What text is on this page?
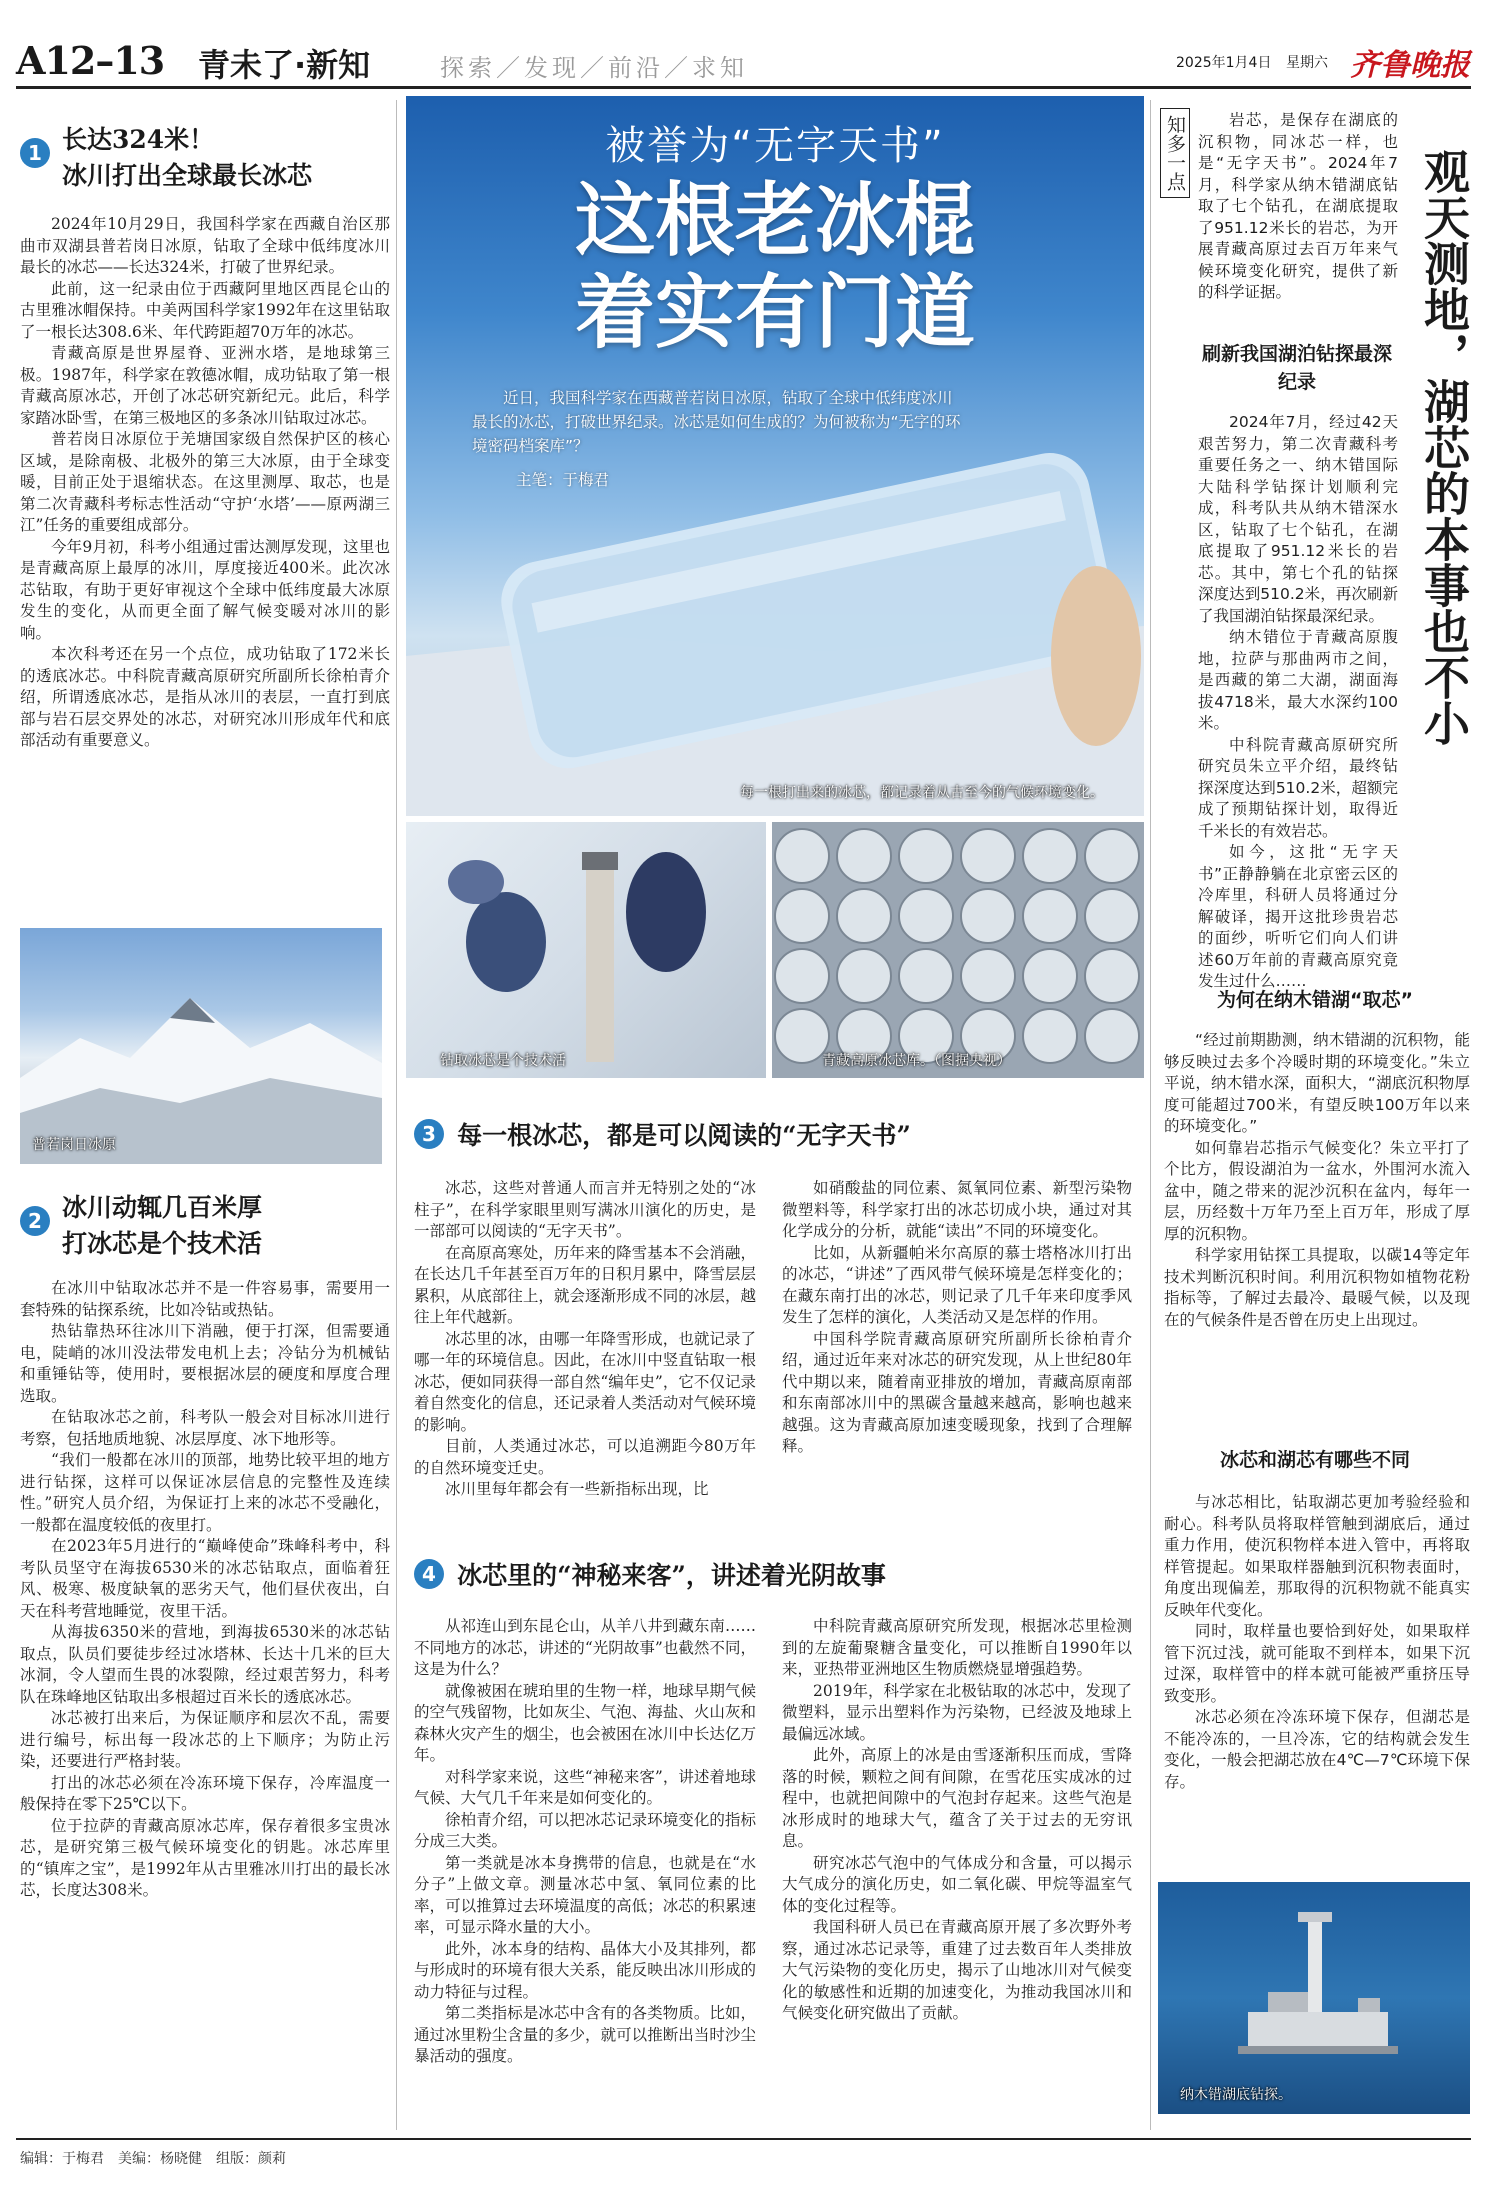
A12–13 青未了·新知	探索／发现／前沿／求知	2025年1月4日 星期六 齐鲁晚报
1 长达324米！
冰川打出全球最长冰芯

2024年10月29日，我国科学家在西藏自治区那曲市双湖县普若岗日冰原，钻取了全球中低纬度冰川最长的冰芯——长达324米，打破了世界纪录。

此前，这一纪录由位于西藏阿里地区西昆仑山的古里雅冰帽保持。中美两国科学家1992年在这里钻取了一根长达308.6米、年代跨距超70万年的冰芯。

青藏高原是世界屋脊、亚洲水塔，是地球第三极。1987年，科学家在敦德冰帽，成功钻取了第一根青藏高原冰芯，开创了冰芯研究新纪元。此后，科学家踏冰卧雪，在第三极地区的多条冰川钻取过冰芯。

普若岗日冰原位于羌塘国家级自然保护区的核心区域，是除南极、北极外的第三大冰原，由于全球变暖，目前正处于退缩状态。在这里测厚、取芯，也是第二次青藏科考标志性活动“守护‘水塔’——原两湖三江”任务的重要组成部分。

今年9月初，科考小组通过雷达测厚发现，这里也是青藏高原上最厚的冰川，厚度接近400米。此次冰芯钻取，有助于更好审视这个全球中低纬度最大冰原发生的变化，从而更全面了解气候变暖对冰川的影响。

本次科考还在另一个点位，成功钻取了172米长的透底冰芯。中科院青藏高原研究所副所长徐柏青介绍，所谓透底冰芯，是指从冰川的表层，一直打到底部与岩石层交界处的冰芯，对研究冰川形成年代和底部活动有重要意义。

普若岗日冰原
2 冰川动辄几百米厚
打冰芯是个技术活

在冰川中钻取冰芯并不是一件容易事，需要用一套特殊的钻探系统，比如冷钻或热钻。

热钻靠热环往冰川下消融，便于打深，但需要通电，陡峭的冰川没法带发电机上去；冷钻分为机械钻和重锤钻等，使用时，要根据冰层的硬度和厚度合理选取。

在钻取冰芯之前，科考队一般会对目标冰川进行考察，包括地质地貌、冰层厚度、冰下地形等。

“我们一般都在冰川的顶部，地势比较平坦的地方进行钻探，这样可以保证冰层信息的完整性及连续性。”研究人员介绍，为保证打上来的冰芯不受融化，一般都在温度较低的夜里打。

在2023年5月进行的“巅峰使命”珠峰科考中，科考队员坚守在海拔6530米的冰芯钻取点，面临着狂风、极寒、极度缺氧的恶劣天气，他们昼伏夜出，白天在科考营地睡觉，夜里干活。

从海拔6350米的营地，到海拔6530米的冰芯钻取点，队员们要徒步经过冰塔林、长达十几米的巨大冰洞，令人望而生畏的冰裂隙，经过艰苦努力，科考队在珠峰地区钻取出多根超过百米长的透底冰芯。

冰芯被打出来后，为保证顺序和层次不乱，需要进行编号，标出每一段冰芯的上下顺序；为防止污染，还要进行严格封装。

打出的冰芯必须在冷冻环境下保存，冷库温度一般保持在零下25℃以下。

位于拉萨的青藏高原冰芯库，保存着很多宝贵冰芯，是研究第三极气候环境变化的钥匙。冰芯库里的“镇库之宝”，是1992年从古里雅冰川打出的最长冰芯，长度达308米。

被誉为“无字天书”
这根老冰棍
着实有门道
近日，我国科学家在西藏普若岗日冰原，钻取了全球中低纬度冰川最长的冰芯，打破世界纪录。冰芯是如何生成的？为何被称为“无字的环境密码档案库”？
主笔：于梅君
每一根打出来的冰芯，都记录着从古至今的气候环境变化。
钻取冰芯是个技术活	青藏高原冰芯库。（图据央视）
3 每一根冰芯，都是可以阅读的“无字天书”

冰芯，这些对普通人而言并无特别之处的“冰柱子”，在科学家眼里则写满冰川演化的历史，是一部部可以阅读的“无字天书”。

在高原高寒处，历年来的降雪基本不会消融，在长达几千年甚至百万年的日积月累中，降雪层层累积，从底部往上，就会逐渐形成不同的冰层，越往上年代越新。

冰芯里的冰，由哪一年降雪形成，也就记录了哪一年的环境信息。因此，在冰川中竖直钻取一根冰芯，便如同获得一部自然“编年史”，它不仅记录着自然变化的信息，还记录着人类活动对气候环境的影响。

目前，人类通过冰芯，可以追溯距今80万年的自然环境变迁史。

冰川里每年都会有一些新指标出现，比

如硝酸盐的同位素、氮氧同位素、新型污染物微塑料等，科学家打出的冰芯切成小块，通过对其化学成分的分析，就能“读出”不同的环境变化。

比如，从新疆帕米尔高原的慕士塔格冰川打出的冰芯，“讲述”了西风带气候环境是怎样变化的；在藏东南打出的冰芯，则记录了几千年来印度季风发生了怎样的演化，人类活动又是怎样的作用。

中国科学院青藏高原研究所副所长徐柏青介绍，通过近年来对冰芯的研究发现，从上世纪80年代中期以来，随着南亚排放的增加，青藏高原南部和东南部冰川中的黑碳含量越来越高，影响也越来越强。这为青藏高原加速变暖现象，找到了合理解释。

4 冰芯里的“神秘来客”，讲述着光阴故事

从祁连山到东昆仑山，从羊八井到藏东南……不同地方的冰芯，讲述的“光阴故事”也截然不同，这是为什么？

就像被困在琥珀里的生物一样，地球早期气候的空气残留物，比如灰尘、气泡、海盐、火山灰和森林火灾产生的烟尘，也会被困在冰川中长达亿万年。

对科学家来说，这些“神秘来客”，讲述着地球气候、大气几千年来是如何变化的。

徐柏青介绍，可以把冰芯记录环境变化的指标分成三大类。

第一类就是冰本身携带的信息，也就是在“水分子”上做文章。测量冰芯中氢、氧同位素的比率，可以推算过去环境温度的高低；冰芯的积累速率，可显示降水量的大小。

此外，冰本身的结构、晶体大小及其排列，都与形成时的环境有很大关系，能反映出冰川形成的动力特征与过程。

第二类指标是冰芯中含有的各类物质。比如，通过冰里粉尘含量的多少，就可以推断出当时沙尘暴活动的强度。

中科院青藏高原研究所发现，根据冰芯里检测到的左旋葡聚糖含量变化，可以推断自1990年以来，亚热带亚洲地区生物质燃烧显增强趋势。

2019年，科学家在北极钻取的冰芯中，发现了微塑料，显示出塑料作为污染物，已经波及地球上最偏远冰域。

此外，高原上的冰是由雪逐渐积压而成，雪降落的时候，颗粒之间有间隙，在雪花压实成冰的过程中，也就把间隙中的气泡封存起来。这些气泡是冰形成时的地球大气，蕴含了关于过去的无穷讯息。

研究冰芯气泡中的气体成分和含量，可以揭示大气成分的演化历史，如二氧化碳、甲烷等温室气体的变化过程等。

我国科研人员已在青藏高原开展了多次野外考察，通过冰芯记录等，重建了过去数百年人类排放大气污染物的变化历史，揭示了山地冰川对气候变化的敏感性和近期的加速变化，为推动我国冰川和气候变化研究做出了贡献。

知多一点	岩芯，是保存在湖底的沉积物，同冰芯一样，也是“无字天书”。2024年7月，科学家从纳木错湖底钻取了七个钻孔，在湖底提取了951.12米长的岩芯，为开展青藏高原过去百万年来气候环境变化研究，提供了新的科学证据。	观天测地，湖芯的本事也不小
刷新我国湖泊钻探最深纪录

2024年7月，经过42天艰苦努力，第二次青藏科考重要任务之一、纳木错国际大陆科学钻探计划顺利完成，科考队共从纳木错深水区，钻取了七个钻孔，在湖底提取了951.12米长的岩芯。其中，第七个孔的钻探深度达到510.2米，再次刷新了我国湖泊钻探最深纪录。

纳木错位于青藏高原腹地，拉萨与那曲两市之间，是西藏的第二大湖，湖面海拔4718米，最大水深约100米。

中科院青藏高原研究所研究员朱立平介绍，最终钻探深度达到510.2米，超额完成了预期钻探计划，取得近千米长的有效岩芯。

如今，这批“无字天书”正静静躺在北京密云区的冷库里，科研人员将通过分解破译，揭开这批珍贵岩芯的面纱，听听它们向人们讲述60万年前的青藏高原究竟发生过什么……

为何在纳木错湖“取芯”

“经过前期勘测，纳木错湖的沉积物，能够反映过去多个冷暖时期的环境变化。”朱立平说，纳木错水深，面积大，“湖底沉积物厚度可能超过700米，有望反映100万年以来的环境变化。”

如何靠岩芯指示气候变化？朱立平打了个比方，假设湖泊为一盆水，外围河水流入盆中，随之带来的泥沙沉积在盆内，每年一层，历经数十万年乃至上百万年，形成了厚厚的沉积物。

科学家用钻探工具提取，以碳14等定年技术判断沉积时间。利用沉积物如植物花粉指标等，了解过去最冷、最暖气候，以及现在的气候条件是否曾在历史上出现过。

冰芯和湖芯有哪些不同

与冰芯相比，钻取湖芯更加考验经验和耐心。科考队员将取样管触到湖底后，通过重力作用，使沉积物样本进入管中，再将取样管提起。如果取样器触到沉积物表面时，角度出现偏差，那取得的沉积物就不能真实反映年代变化。

同时，取样量也要恰到好处，如果取样管下沉过浅，就可能取不到样本，如果下沉过深，取样管中的样本就可能被严重挤压导致变形。

冰芯必须在冷冻环境下保存，但湖芯是不能冷冻的，一旦冷冻，它的结构就会发生变化，一般会把湖芯放在4℃—7℃环境下保存。

纳木错湖底钻探。
编辑：于梅君　美编：杨晓健　组版：颜莉
